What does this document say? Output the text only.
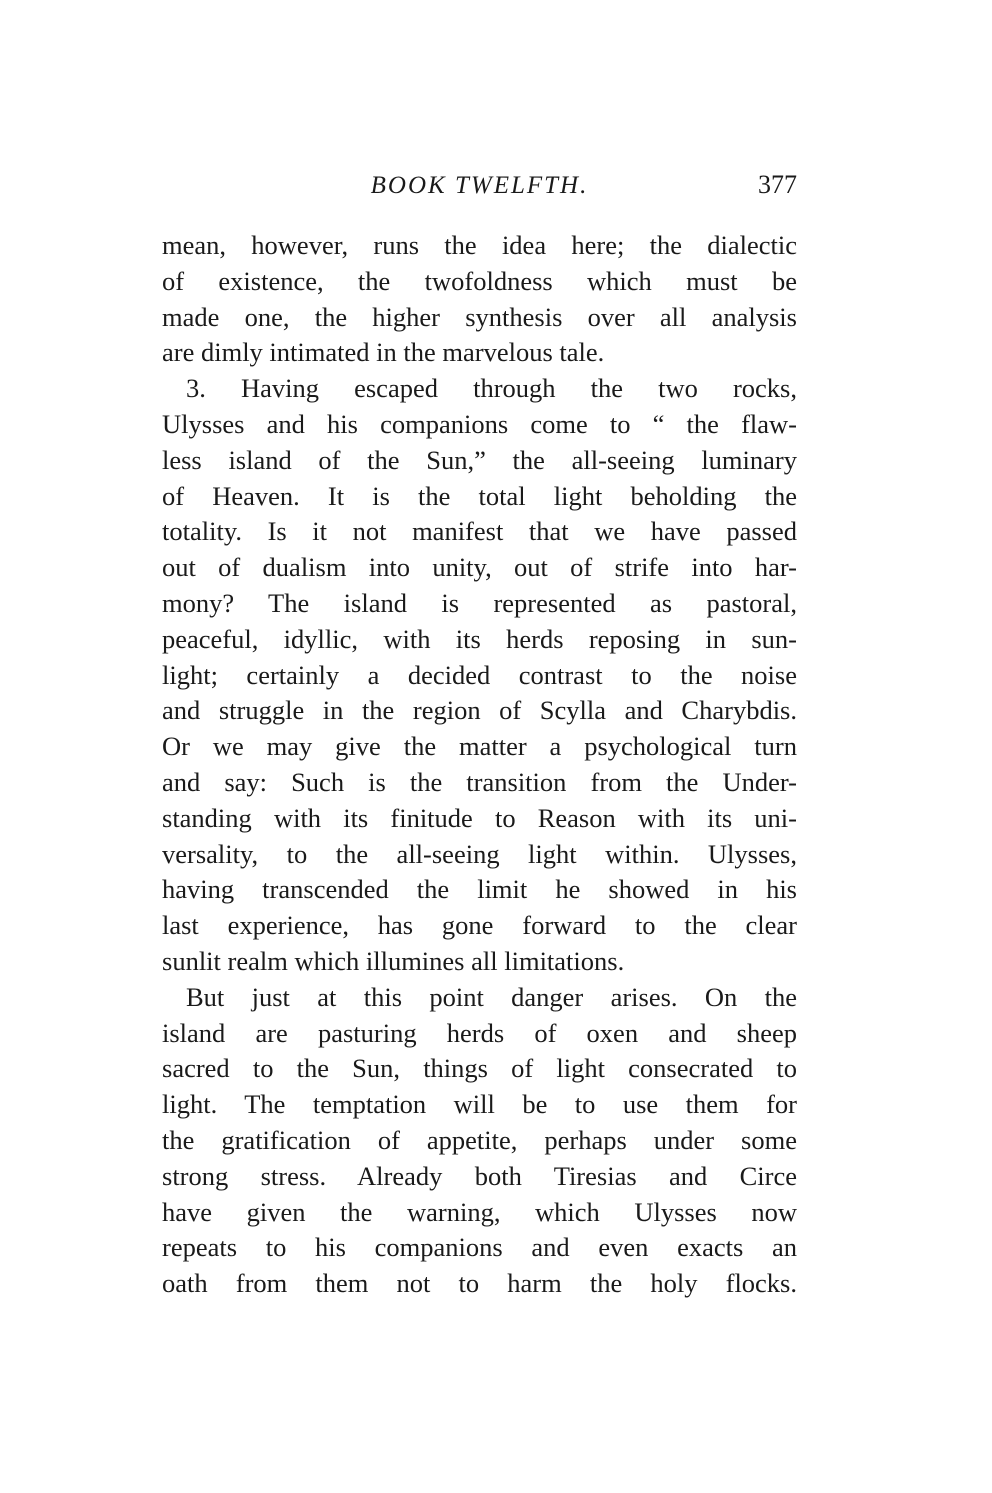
BOOK TWELFTH.	377
mean, however, runs the idea here; the dialectic
of existence, the twofoldness which must be
made one, the higher synthesis over all analysis
are dimly intimated in the marvelous tale.
3. Having escaped through the two rocks,
Ulysses and his companions come to “ the flaw-
less island of the Sun,” the all-seeing luminary
of Heaven. It is the total light beholding the
totality. Is it not manifest that we have passed
out of dualism into unity, out of strife into har-
mony? The island is represented as pastoral,
peaceful, idyllic, with its herds reposing in sun-
light; certainly a decided contrast to the noise
and struggle in the region of Scylla and Charybdis.
Or we may give the matter a psychological turn
and say: Such is the transition from the Under-
standing with its finitude to Reason with its uni-
versality, to the all-seeing light within. Ulysses,
having transcended the limit he showed in his
last experience, has gone forward to the clear
sunlit realm which illumines all limitations.
But just at this point danger arises. On the
island are pasturing herds of oxen and sheep
sacred to the Sun, things of light consecrated to
light. The temptation will be to use them for
the gratification of appetite, perhaps under some
strong stress. Already both Tiresias and Circe
have given the warning, which Ulysses now
repeats to his companions and even exacts an
oath from them not to harm the holy flocks.
